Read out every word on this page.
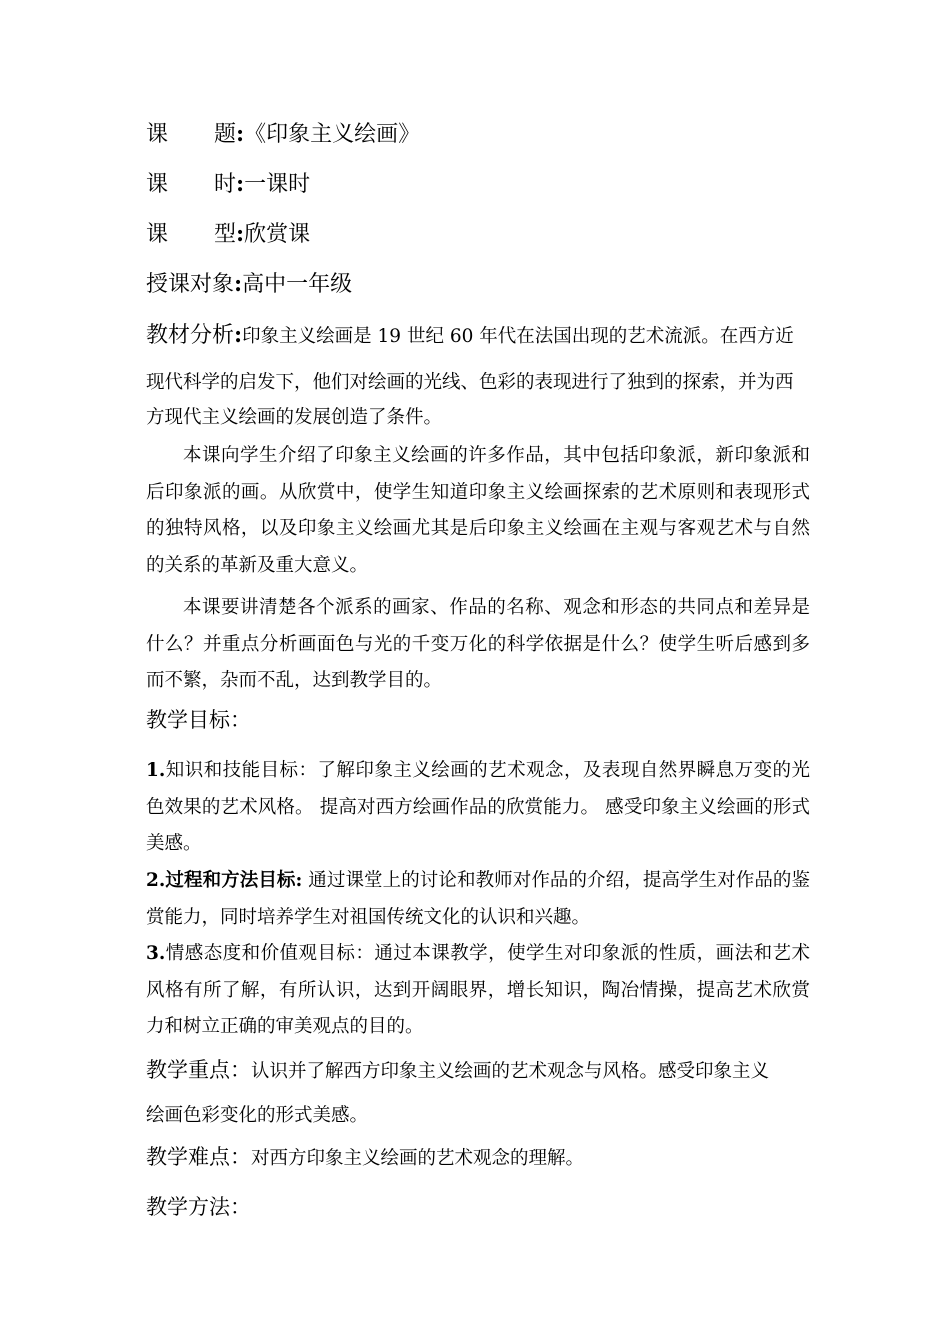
课 题:《印象主义绘画》
课 时:一课时
课 型:欣赏课
授课对象:高中一年级
教材分析:印象主义绘画是 19 世纪 60 年代在法国出现的艺术流派。在西方近
现代科学的启发下，他们对绘画的光线、色彩的表现进行了独到的探索，并为西
方现代主义绘画的发展创造了条件。
本课向学生介绍了印象主义绘画的许多作品，其中包括印象派，新印象派和后印象派的画。从欣赏中，使学生知道印象主义绘画探索的艺术原则和表现形式的独特风格，以及印象主义绘画尤其是后印象主义绘画在主观与客观艺术与自然的关系的革新及重大意义。
本课要讲清楚各个派系的画家、作品的名称、观念和形态的共同点和差异是什么？并重点分析画面色与光的千变万化的科学依据是什么？使学生听后感到多而不繁，杂而不乱，达到教学目的。
教学目标：
1.知识和技能目标：了解印象主义绘画的艺术观念，及表现自然界瞬息万变的光色效果的艺术风格。 提高对西方绘画作品的欣赏能力。 感受印象主义绘画的形式美感。
2.过程和方法目标: 通过课堂上的讨论和教师对作品的介绍，提高学生对作品的鉴赏能力，同时培养学生对祖国传统文化的认识和兴趣。
3.情感态度和价值观目标：通过本课教学，使学生对印象派的性质，画法和艺术风格有所了解，有所认识，达到开阔眼界，增长知识，陶冶情操，提高艺术欣赏力和树立正确的审美观点的目的。
教学重点：认识并了解西方印象主义绘画的艺术观念与风格。感受印象主义
绘画色彩变化的形式美感。
教学难点：对西方印象主义绘画的艺术观念的理解。
教学方法：
